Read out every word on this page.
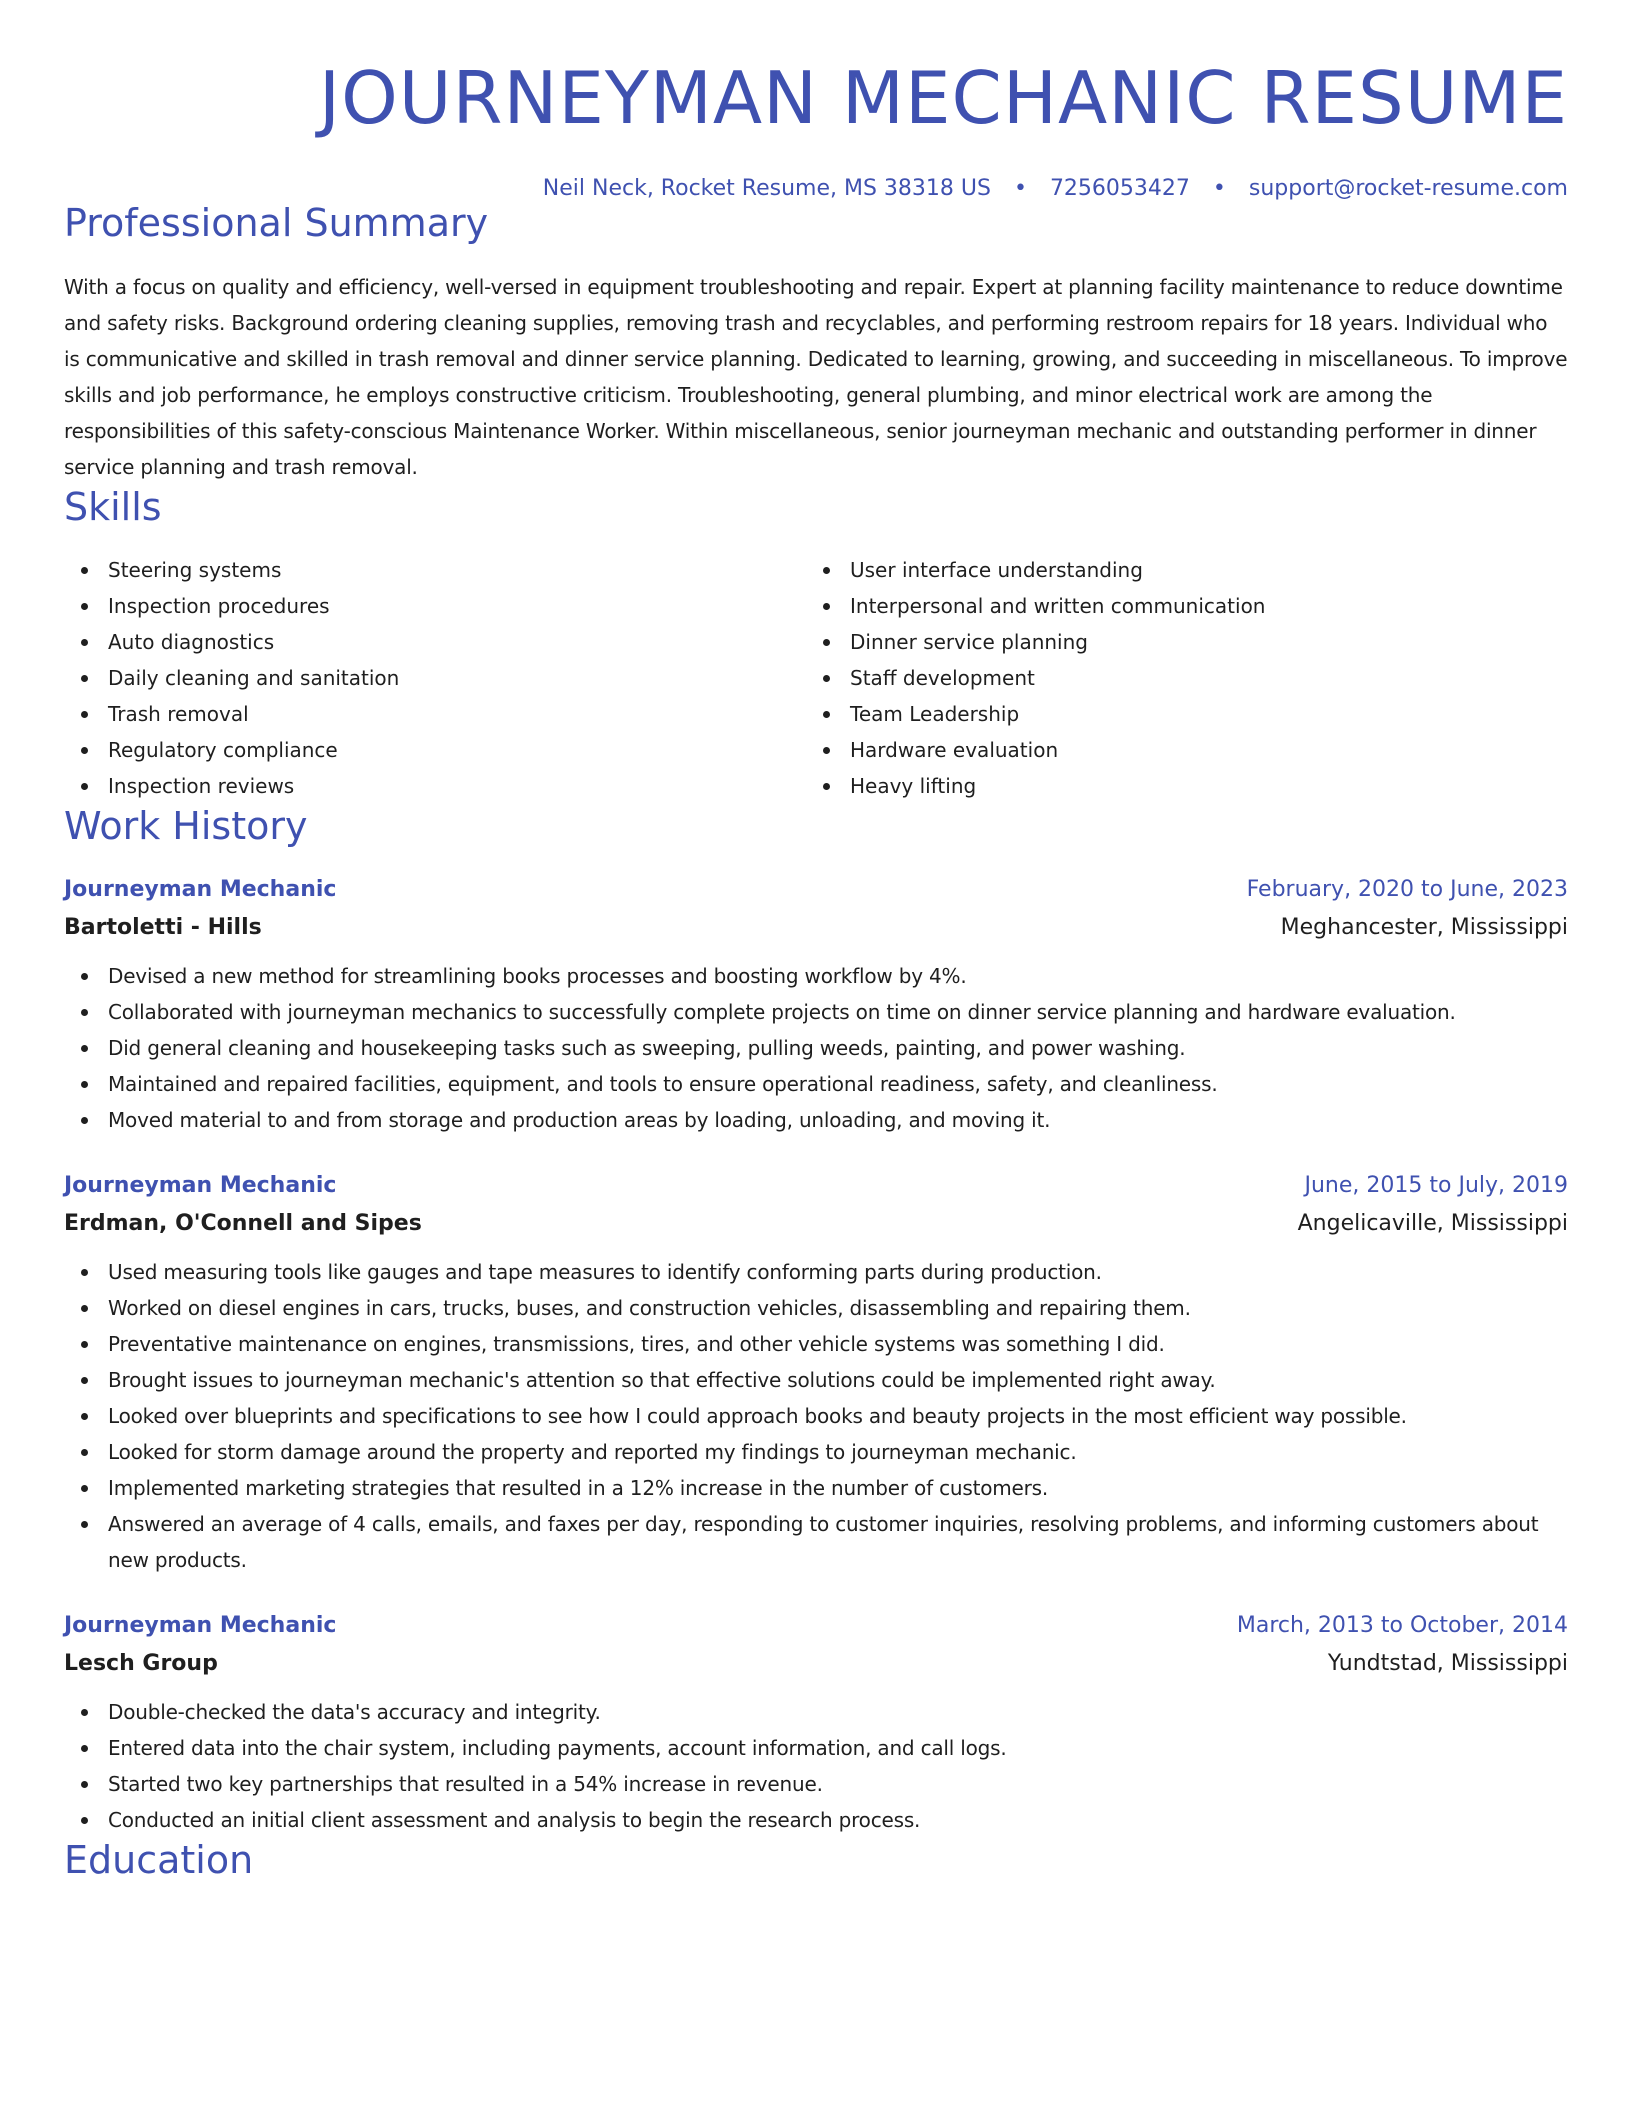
JOURNEYMAN MECHANIC RESUME
Neil Neck, Rocket Resume, MS 38318 US • 7256053427 • support@rocket-resume.com
Professional Summary
With a focus on quality and efficiency, well-versed in equipment troubleshooting and repair. Expert at planning facility maintenance to reduce downtime and safety risks. Background ordering cleaning supplies, removing trash and recyclables, and performing restroom repairs for 18 years. Individual who is communicative and skilled in trash removal and dinner service planning. Dedicated to learning, growing, and succeeding in miscellaneous. To improve skills and job performance, he employs constructive criticism. Troubleshooting, general plumbing, and minor electrical work are among the responsibilities of this safety-conscious Maintenance Worker. Within miscellaneous, senior journeyman mechanic and outstanding performer in dinner service planning and trash removal.
Skills
Steering systems
Inspection procedures
Auto diagnostics
Daily cleaning and sanitation
Trash removal
Regulatory compliance
Inspection reviews
User interface understanding
Interpersonal and written communication
Dinner service planning
Staff development
Team Leadership
Hardware evaluation
Heavy lifting
Work History
Journeyman Mechanic	February, 2020 to June, 2023
Bartoletti - Hills	Meghancester, Mississippi
Devised a new method for streamlining books processes and boosting workflow by 4%.
Collaborated with journeyman mechanics to successfully complete projects on time on dinner service planning and hardware evaluation.
Did general cleaning and housekeeping tasks such as sweeping, pulling weeds, painting, and power washing.
Maintained and repaired facilities, equipment, and tools to ensure operational readiness, safety, and cleanliness.
Moved material to and from storage and production areas by loading, unloading, and moving it.
Journeyman Mechanic	June, 2015 to July, 2019
Erdman, O'Connell and Sipes	Angelicaville, Mississippi
Used measuring tools like gauges and tape measures to identify conforming parts during production.
Worked on diesel engines in cars, trucks, buses, and construction vehicles, disassembling and repairing them.
Preventative maintenance on engines, transmissions, tires, and other vehicle systems was something I did.
Brought issues to journeyman mechanic's attention so that effective solutions could be implemented right away.
Looked over blueprints and specifications to see how I could approach books and beauty projects in the most efficient way possible.
Looked for storm damage around the property and reported my findings to journeyman mechanic.
Implemented marketing strategies that resulted in a 12% increase in the number of customers.
Answered an average of 4 calls, emails, and faxes per day, responding to customer inquiries, resolving problems, and informing customers about new products.
Journeyman Mechanic	March, 2013 to October, 2014
Lesch Group	Yundtstad, Mississippi
Double-checked the data's accuracy and integrity.
Entered data into the chair system, including payments, account information, and call logs.
Started two key partnerships that resulted in a 54% increase in revenue.
Conducted an initial client assessment and analysis to begin the research process.
Education
